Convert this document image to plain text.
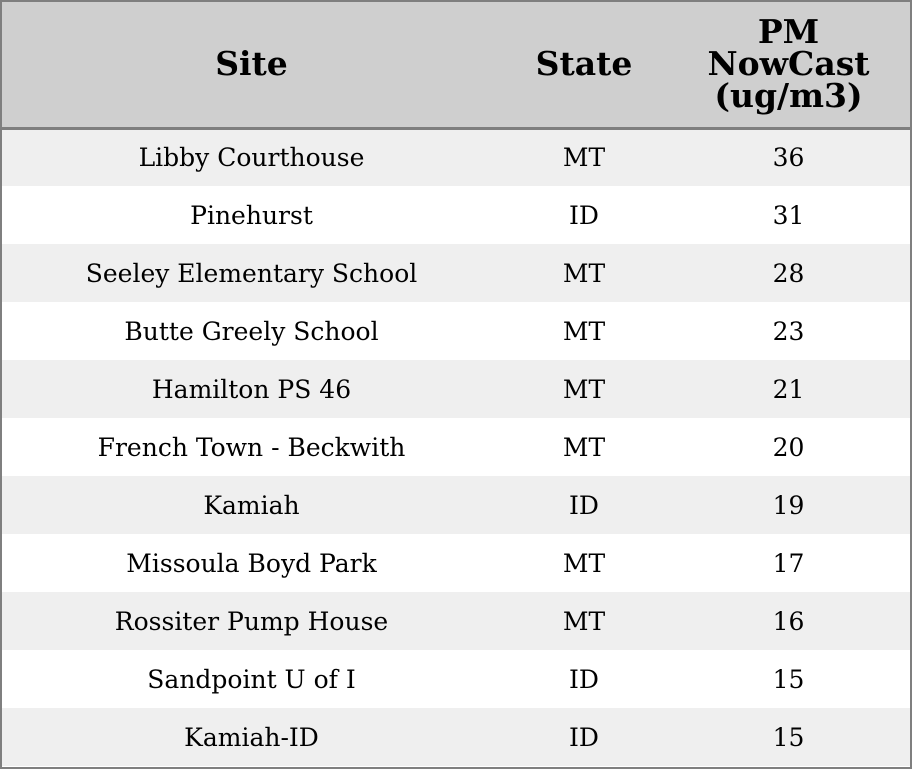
Site	State	PM NowCast (ug/m3)
Libby Courthouse	MT	36
Pinehurst	ID	31
Seeley Elementary School	MT	28
Butte Greely School	MT	23
Hamilton PS 46	MT	21
French Town - Beckwith	MT	20
Kamiah	ID	19
Missoula Boyd Park	MT	17
Rossiter Pump House	MT	16
Sandpoint U of I	ID	15
Kamiah-ID	ID	15
